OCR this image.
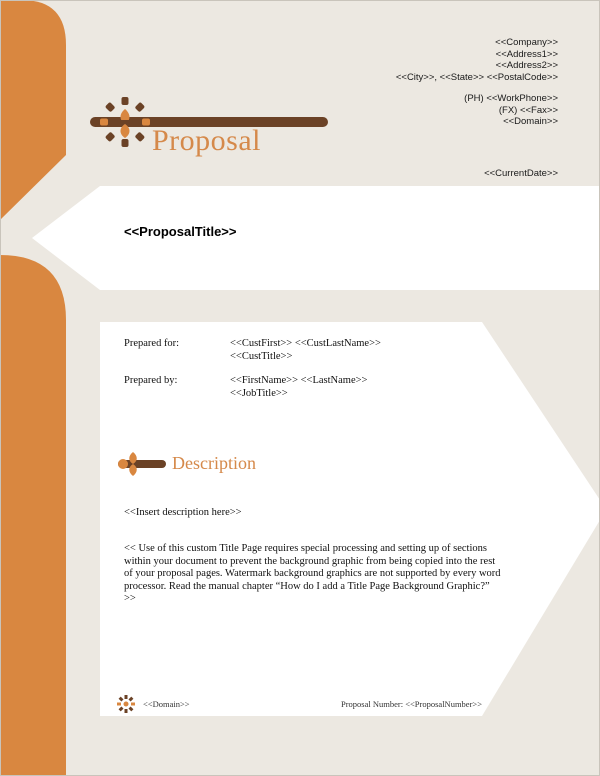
<<Company>>
<<Address1>>
<<Address2>>
<<City>>, <<State>> <<PostalCode>>
(PH) <<WorkPhone>>
(FX) <<Fax>>
<<Domain>>
<<CurrentDate>>
Proposal
<<ProposalTitle>>
Prepared for:	<<CustFirst>> <<CustLastName>>
<<CustTitle>>
Prepared by:	<<FirstName>> <<LastName>>
<<JobTitle>>
Description
<<Insert description here>>
<< Use of this custom Title Page requires special processing and setting up of sections within your document to prevent the background graphic from being copied into the rest of your proposal pages. Watermark background graphics are not supported by every word processor. Read the manual chapter “How do I add a Title Page Background Graphic?” >>
<<Domain>>	Proposal Number: <<ProposalNumber>>
